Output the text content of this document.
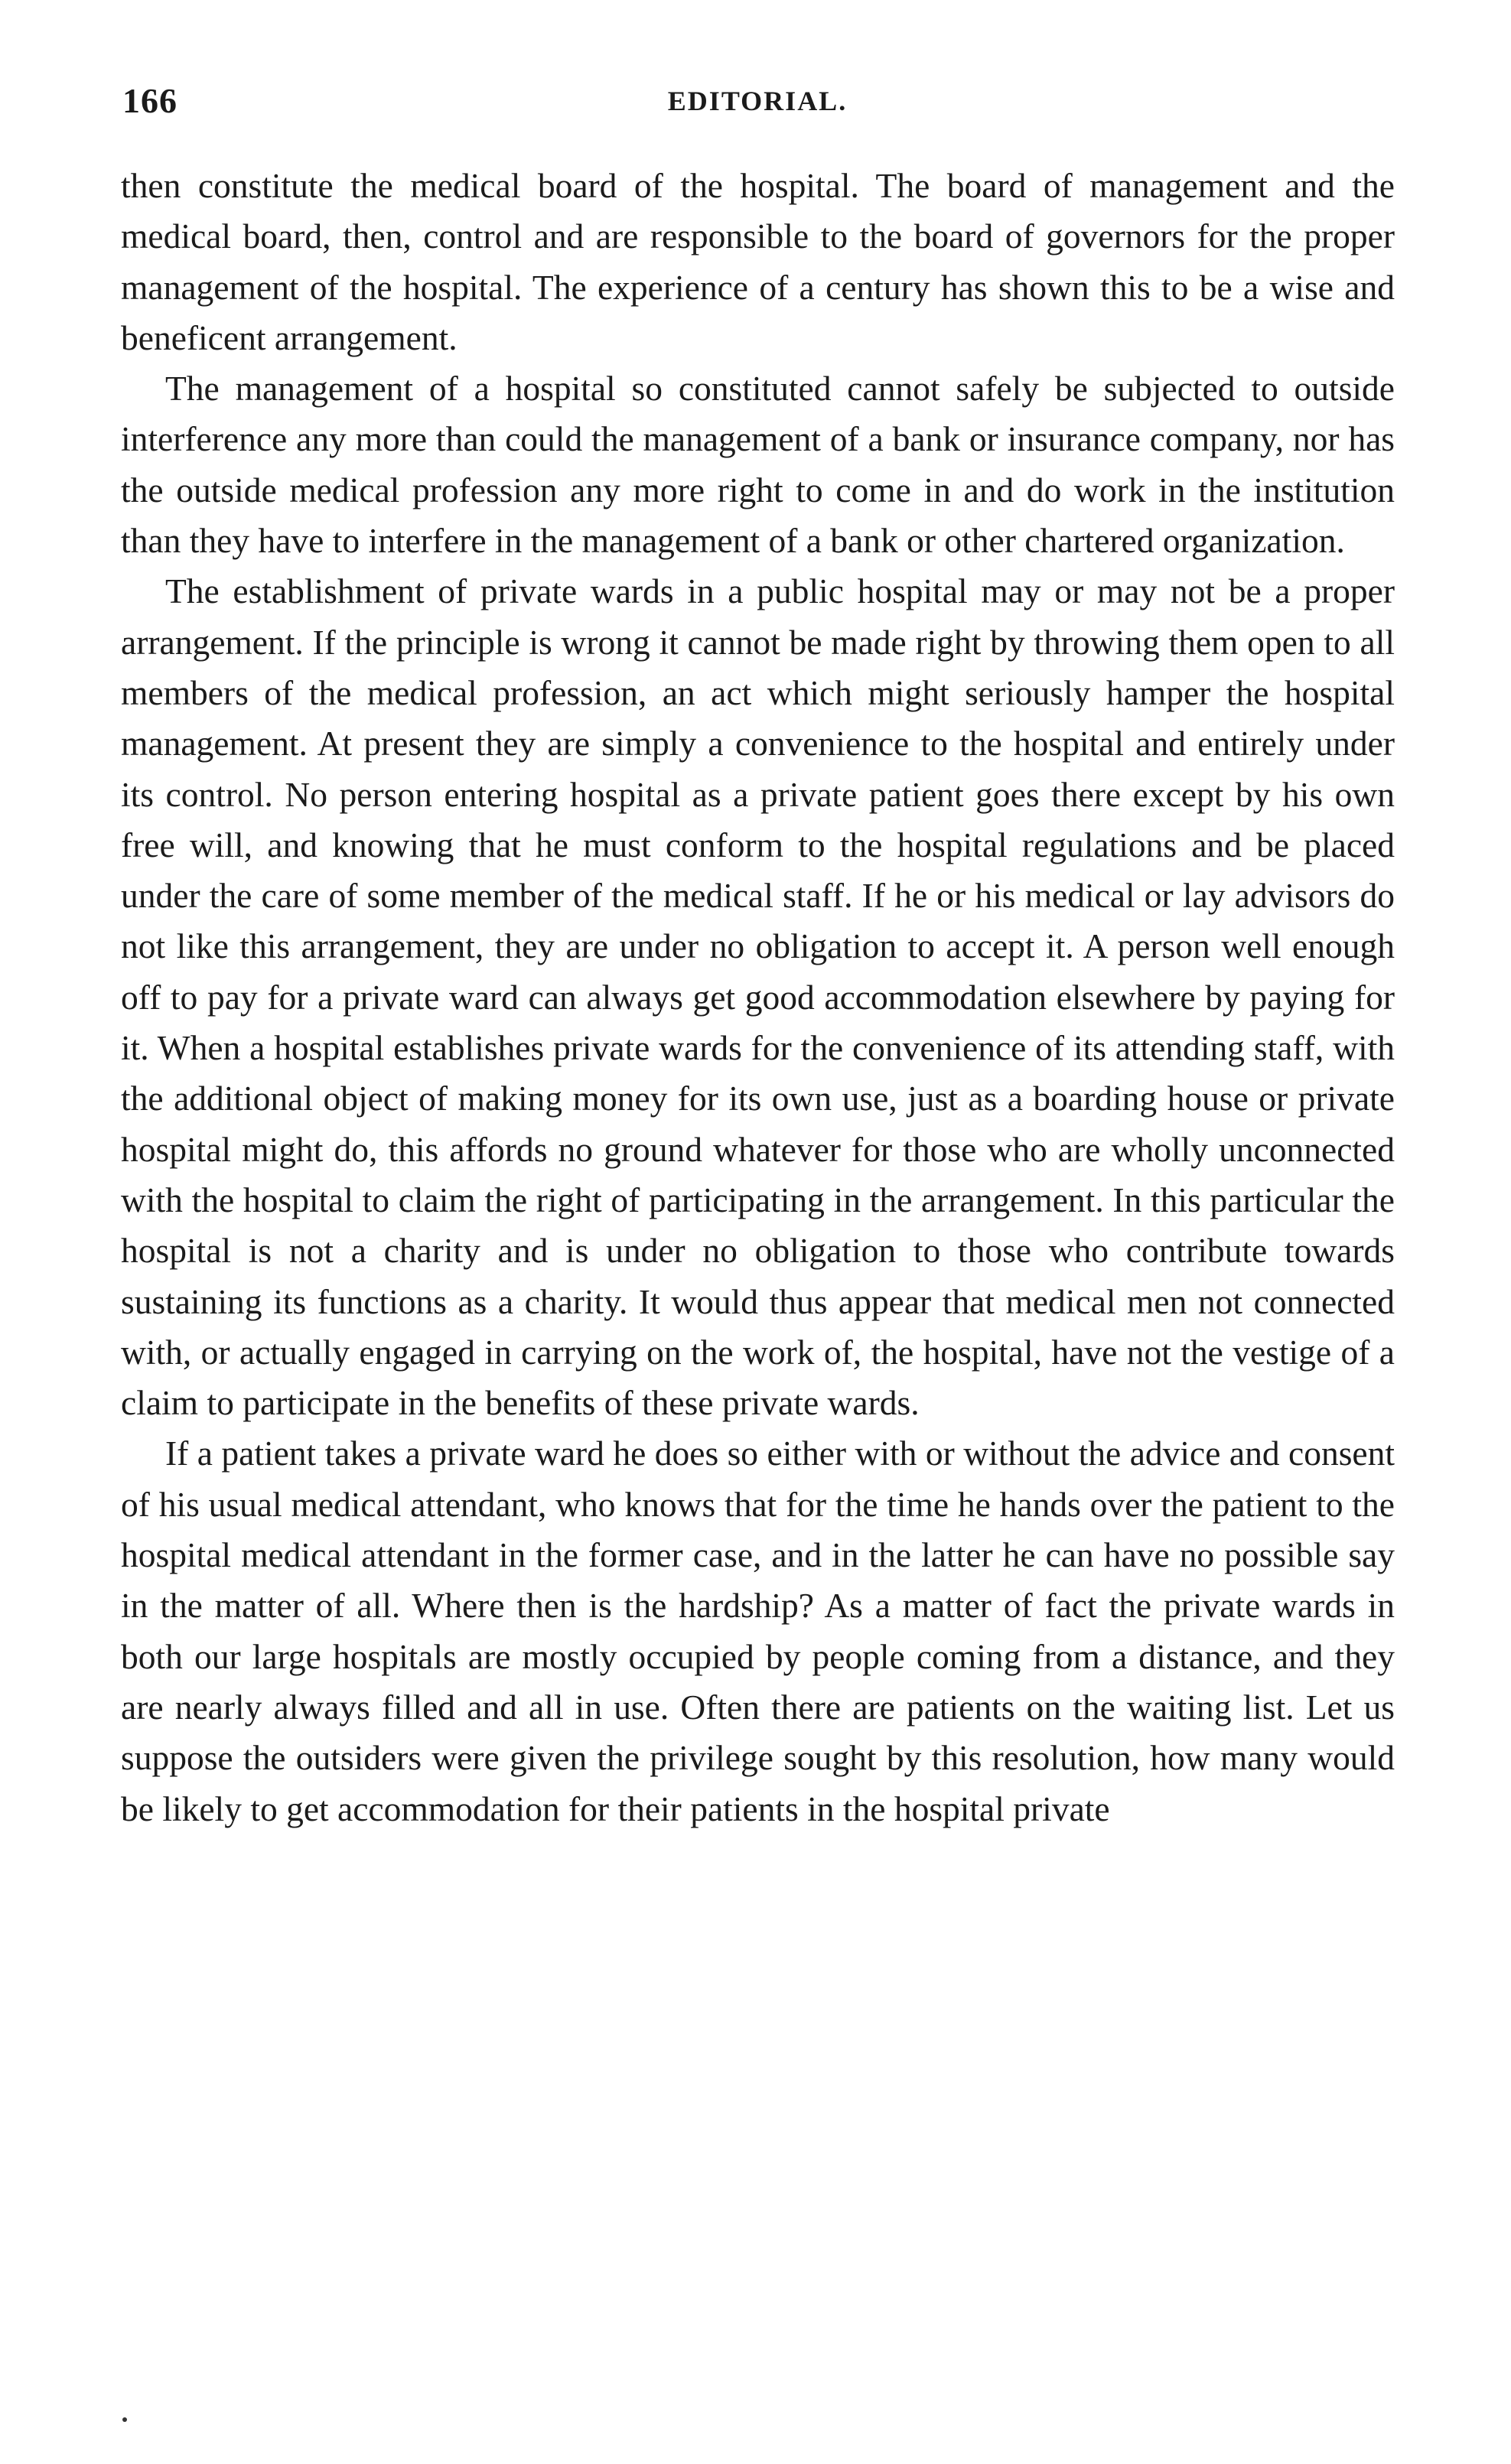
166	EDITORIAL.

then constitute the medical board of the hospital. The board of management and the medical board, then, control and are responsible to the board of governors for the proper management of the hospital. The experience of a century has shown this to be a wise and beneficent arrangement.

The management of a hospital so constituted cannot safely be subjected to outside interference any more than could the management of a bank or insurance company, nor has the outside medical profession any more right to come in and do work in the institution than they have to interfere in the management of a bank or other chartered organization.

The establishment of private wards in a public hospital may or may not be a proper arrangement. If the principle is wrong it cannot be made right by throwing them open to all members of the medical profession, an act which might seriously hamper the hospital management. At present they are simply a convenience to the hospital and entirely under its control. No person entering hospital as a private patient goes there except by his own free will, and knowing that he must conform to the hospital regulations and be placed under the care of some member of the medical staff. If he or his medical or lay advisors do not like this arrangement, they are under no obligation to accept it. A person well enough off to pay for a private ward can always get good accommodation elsewhere by paying for it. When a hospital establishes private wards for the convenience of its attending staff, with the additional object of making money for its own use, just as a boarding house or private hospital might do, this affords no ground whatever for those who are wholly unconnected with the hospital to claim the right of participating in the arrangement. In this particular the hospital is not a charity and is under no obligation to those who contribute towards sustaining its functions as a charity. It would thus appear that medical men not connected with, or actually engaged in carrying on the work of, the hospital, have not the vestige of a claim to participate in the benefits of these private wards.

If a patient takes a private ward he does so either with or without the advice and consent of his usual medical attendant, who knows that for the time he hands over the patient to the hospital medical attendant in the former case, and in the latter he can have no possible say in the matter of all. Where then is the hardship? As a matter of fact the private wards in both our large hospitals are mostly occupied by people coming from a distance, and they are nearly always filled and all in use. Often there are patients on the waiting list. Let us suppose the outsiders were given the privilege sought by this resolution, how many would be likely to get accommodation for their patients in the hospital private
